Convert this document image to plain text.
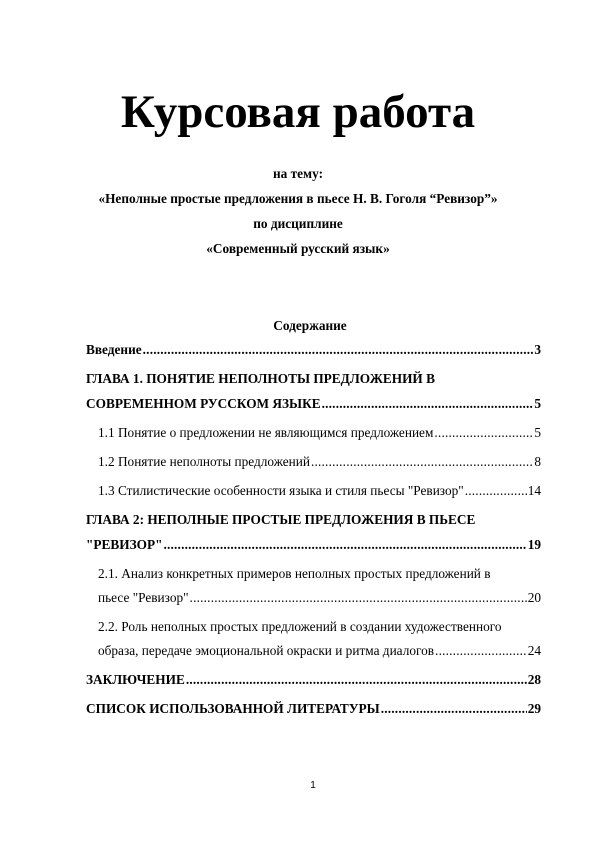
Курсовая работа
на тему:
«Неполные простые предложения в пьесе Н. В. Гоголя “Ревизор”»
по дисциплине
«Современный русский язык»
Содержание
Введение .....	3
ГЛАВА 1. ПОНЯТИЕ НЕПОЛНОТЫ ПРЕДЛОЖЕНИЙ В
СОВРЕМЕННОМ РУССКОМ ЯЗЫКЕ .....	5
1.1 Понятие о предложении не являющимся предложением .....	5
1.2 Понятие неполноты предложений .....	8
1.3 Стилистические особенности языка и стиля пьесы "Ревизор" .....	14
ГЛАВА 2: НЕПОЛНЫЕ ПРОСТЫЕ ПРЕДЛОЖЕНИЯ В ПЬЕСЕ
"РЕВИЗОР" .....	19
2.1. Анализ конкретных примеров неполных простых предложений в
пьесе "Ревизор" .....	20
2.2. Роль неполных простых предложений в создании художественного
образа, передаче эмоциональной окраски и ритма диалогов .....	24
ЗАКЛЮЧЕНИЕ .....	28
СПИСОК ИСПОЛЬЗОВАННОЙ ЛИТЕРАТУРЫ .....	29
1
